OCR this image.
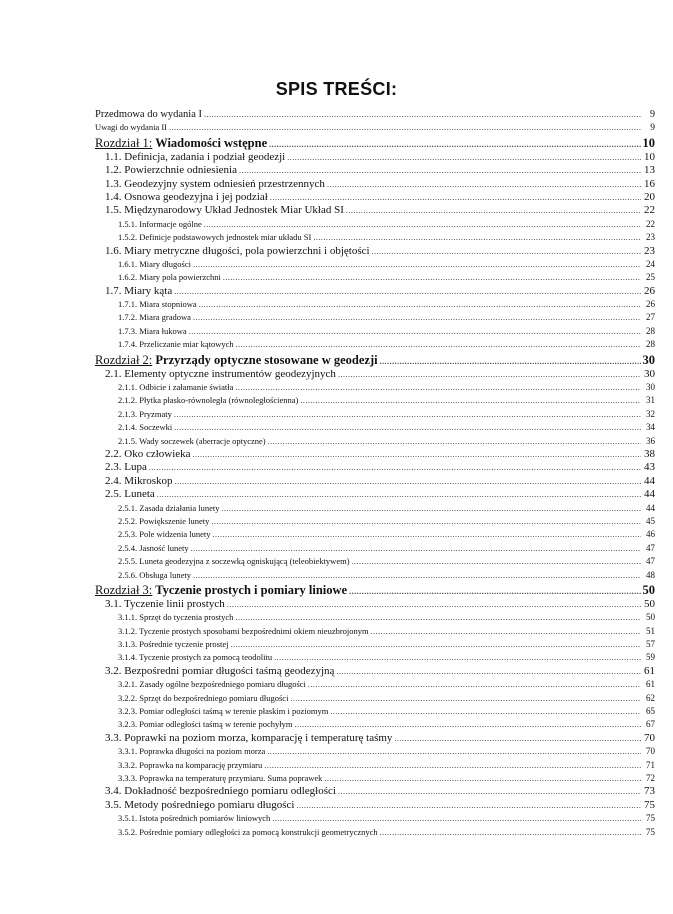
SPIS TREŚCI:
Przedmowa do wydania I .....	9
Uwagi do wydania II .....	9
Rozdział 1: Wiadomości wstępne .....	10
1.1. Definicja, zadania i podział geodezji .....	10
1.2. Powierzchnie odniesienia .....	13
1.3. Geodezyjny system odniesień przestrzennych .....	16
1.4. Osnowa geodezyjna i jej podział .....	20
1.5. Międzynarodowy Układ Jednostek Miar Układ SI .....	22
1.5.1. Informacje ogólne .....	22
1.5.2. Definicje podstawowych jednostek miar układu SI .....	23
1.6. Miary metryczne długości, pola powierzchni i objętości .....	23
1.6.1. Miary długości .....	24
1.6.2. Miary pola powierzchni .....	25
1.7. Miary kąta .....	26
1.7.1. Miara stopniowa .....	26
1.7.2. Miara gradowa .....	27
1.7.3. Miara łukowa .....	28
1.7.4. Przeliczanie miar kątowych .....	28
Rozdział 2: Przyrządy optyczne stosowane w geodezji .....	30
2.1. Elementy optyczne instrumentów geodezyjnych .....	30
2.1.1. Odbicie i załamanie światła .....	30
2.1.2. Płytka płasko-równoległa (równoległościenna) .....	31
2.1.3. Pryzmaty .....	32
2.1.4. Soczewki .....	34
2.1.5. Wady soczewek (aberracje optyczne) .....	36
2.2. Oko człowieka .....	38
2.3. Lupa .....	43
2.4. Mikroskop .....	44
2.5. Luneta .....	44
2.5.1. Zasada działania lunety .....	44
2.5.2. Powiększenie lunety .....	45
2.5.3. Pole widzenia lunety .....	46
2.5.4. Jasność lunety .....	47
2.5.5. Luneta geodezyjna z soczewką ogniskującą (teleobiektywem) .....	47
2.5.6. Obsługa lunety .....	48
Rozdział 3: Tyczenie prostych i pomiary liniowe .....	50
3.1. Tyczenie linii prostych .....	50
3.1.1. Sprzęt do tyczenia prostych .....	50
3.1.2. Tyczenie prostych sposobami bezpośrednimi okiem nieuzbrojonym .....	51
3.1.3. Pośrednie tyczenie prostej .....	57
3.1.4. Tyczenie prostych za pomocą teodolitu .....	59
3.2. Bezpośredni pomiar długości taśmą geodezyjną .....	61
3.2.1. Zasady ogólne bezpośredniego pomiaru długości .....	61
3.2.2. Sprzęt do bezpośredniego pomiaru długości .....	62
3.2.3. Pomiar odległości taśmą w terenie płaskim i poziomym .....	65
3.2.3. Pomiar odległości taśmą w terenie pochyłym .....	67
3.3. Poprawki na poziom morza, komparację i temperaturę taśmy .....	70
3.3.1. Poprawka długości na poziom morza .....	70
3.3.2. Poprawka na komparację przymiaru .....	71
3.3.3. Poprawka na temperaturę przymiaru. Suma poprawek .....	72
3.4. Dokładność bezpośredniego pomiaru odległości .....	73
3.5. Metody pośredniego pomiaru długości .....	75
3.5.1. Istota pośrednich pomiarów liniowych .....	75
3.5.2. Pośrednie pomiary odległości za pomocą konstrukcji geometrycznych .....	75
